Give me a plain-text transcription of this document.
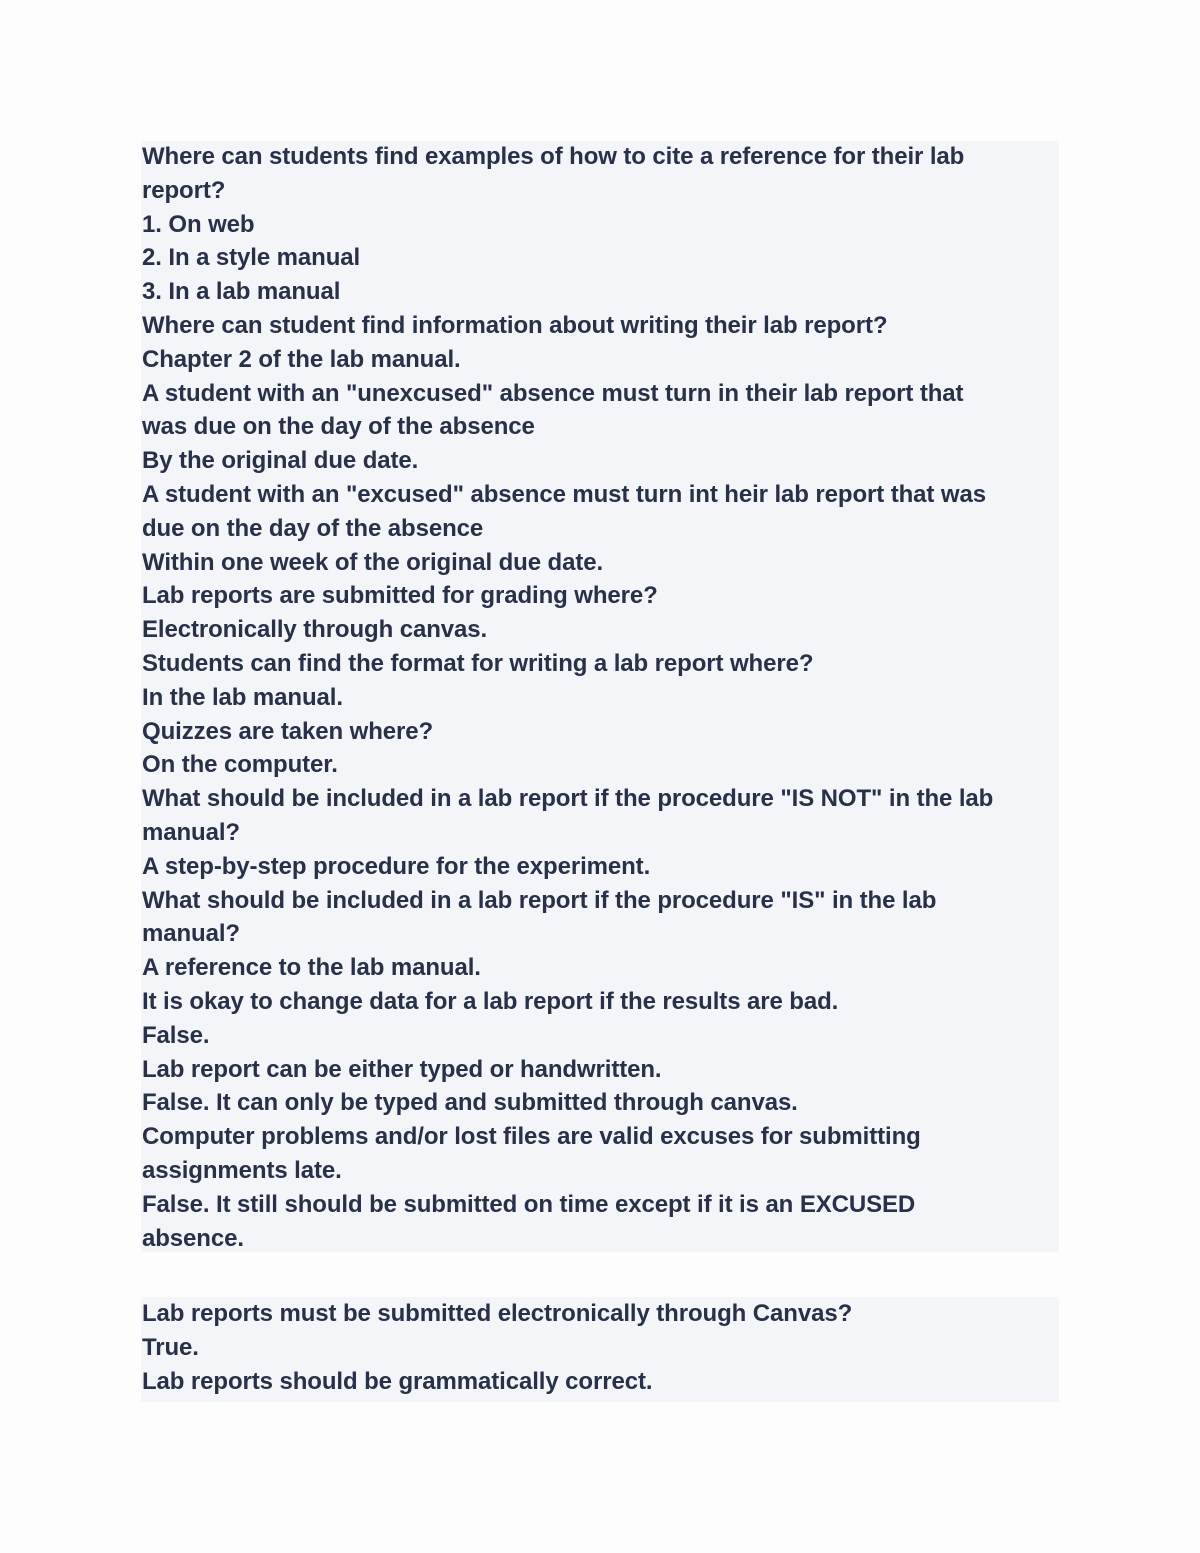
Where can students find examples of how to cite a reference for their lab

report?

1. On web

2. In a style manual

3. In a lab manual

Where can student find information about writing their lab report?

Chapter 2 of the lab manual.

A student with an "unexcused" absence must turn in their lab report that

was due on the day of the absence

By the original due date.

A student with an "excused" absence must turn int heir lab report that was

due on the day of the absence

Within one week of the original due date.

Lab reports are submitted for grading where?

Electronically through canvas.

Students can find the format for writing a lab report where?

In the lab manual.

Quizzes are taken where?

On the computer.

What should be included in a lab report if the procedure "IS NOT" in the lab

manual?

A step-by-step procedure for the experiment.

What should be included in a lab report if the procedure "IS" in the lab

manual?

A reference to the lab manual.

It is okay to change data for a lab report if the results are bad.

False.

Lab report can be either typed or handwritten.

False. It can only be typed and submitted through canvas.

Computer problems and/or lost files are valid excuses for submitting

assignments late.

False. It still should be submitted on time except if it is an EXCUSED

absence.

Lab reports must be submitted electronically through Canvas?

True.

Lab reports should be grammatically correct.
